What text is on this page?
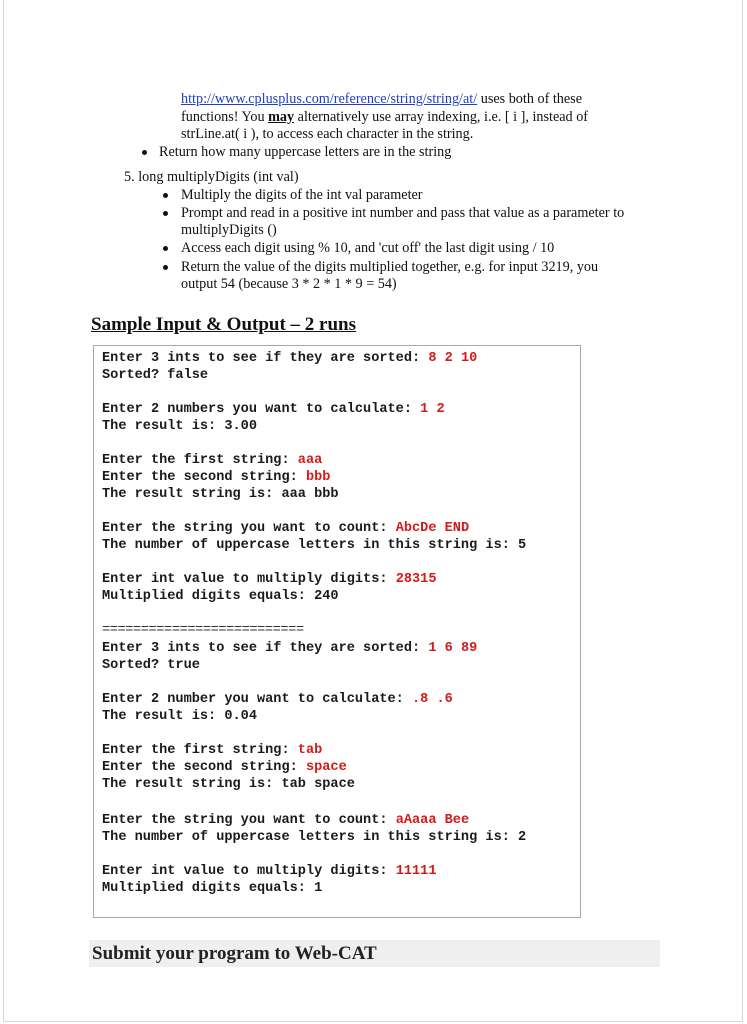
http://www.cplusplus.com/reference/string/string/at/ uses both of these
functions! You may alternatively use array indexing, i.e. [ i ], instead of
strLine.at( i ), to access each character in the string.
Return how many uppercase letters are in the string
5. long multiplyDigits (int val)
Multiply the digits of the int val parameter
Prompt and read in a positive int number and pass that value as a parameter to
multiplyDigits ()
Access each digit using % 10, and 'cut off' the last digit using / 10
Return the value of the digits multiplied together, e.g. for input 3219, you
output 54 (because 3 * 2 * 1 * 9 = 54)
Sample Input & Output – 2 runs
Enter 3 ints to see if they are sorted: 8 2 10
Sorted? false
Enter 2 numbers you want to calculate: 1 2
The result is: 3.00
Enter the first string: aaa
Enter the second string: bbb
The result string is: aaa bbb
Enter the string you want to count: AbcDe END
The number of uppercase letters in this string is: 5
Enter int value to multiply digits: 28315
Multiplied digits equals: 240
==========================
Enter 3 ints to see if they are sorted: 1 6 89
Sorted? true
Enter 2 number you want to calculate: .8 .6
The result is: 0.04
Enter the first string: tab
Enter the second string: space
The result string is: tab space
Enter the string you want to count: aAaaa Bee
The number of uppercase letters in this string is: 2
Enter int value to multiply digits: 11111
Multiplied digits equals: 1
Submit your program to Web-CAT
